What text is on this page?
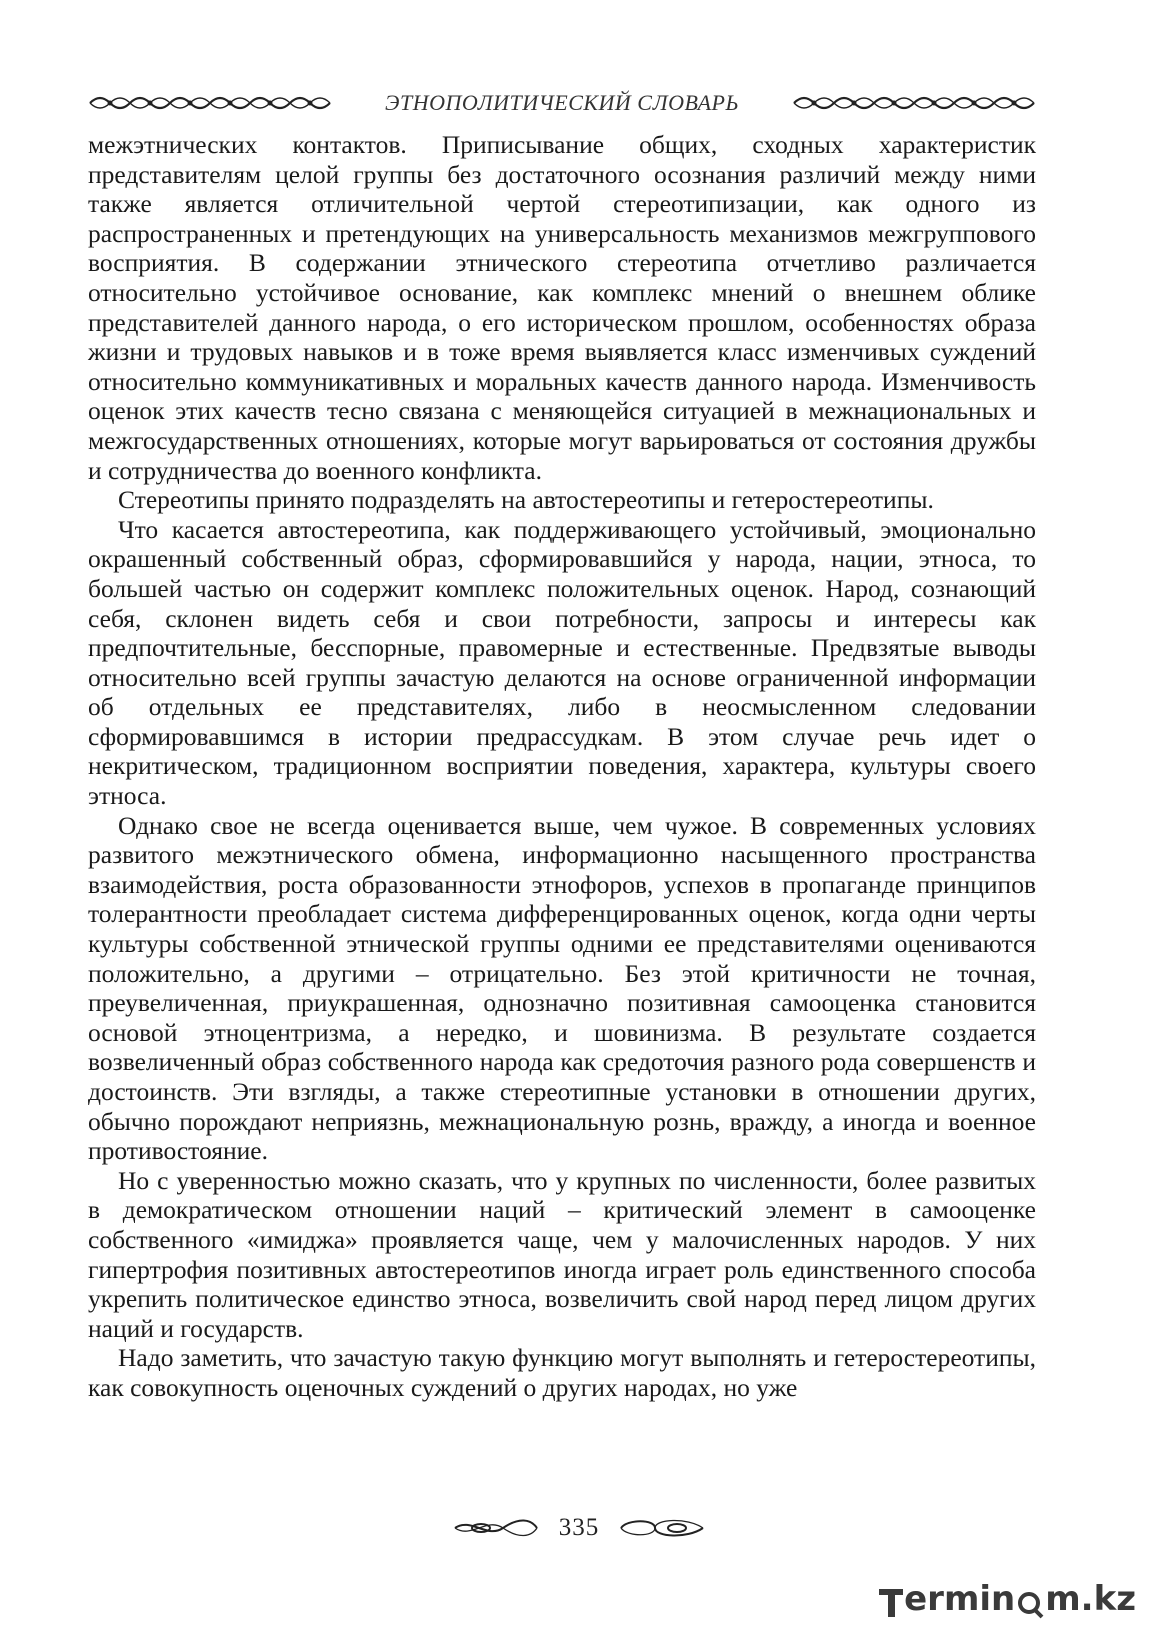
ЭТНОПОЛИТИЧЕСКИЙ СЛОВАРЬ

межэтнических контактов. Приписывание общих, сходных характеристик представителям целой группы без достаточного осознания различий между ними также является отличительной чертой стереотипизации, как одного из распространенных и претендующих на универсальность механизмов межгруппового восприятия. В содержании этнического стереотипа отчетливо различается относительно устойчивое основание, как комплекс мнений о внешнем облике представителей данного народа, о его историческом прошлом, особенностях образа жизни и трудовых навыков и в тоже время выявляется класс изменчивых суждений относительно коммуникативных и моральных качеств данного народа. Изменчивость оценок этих качеств тесно связана с меняющейся ситуацией в межнациональных и межгосударственных отношениях, которые могут варьироваться от состояния дружбы и сотрудничества до военного конфликта.

Стереотипы принято подразделять на автостереотипы и гетеростереотипы.

Что касается автостереотипа, как поддерживающего устойчивый, эмоционально окрашенный собственный образ, сформировавшийся у народа, нации, этноса, то большей частью он содержит комплекс положительных оценок. Народ, сознающий себя, склонен видеть себя и свои потребности, запросы и интересы как предпочтительные, бесспорные, правомерные и естественные. Предвзятые выводы относительно всей группы зачастую делаются на основе ограниченной информации об отдельных ее представителях, либо в неосмысленном следовании сформировавшимся в истории предрассудкам. В этом случае речь идет о некритическом, традиционном восприятии поведения, характера, культуры своего этноса.

Однако свое не всегда оценивается выше, чем чужое. В современных условиях развитого межэтнического обмена, информационно насыщенного пространства взаимодействия, роста образованности этнофоров, успехов в пропаганде принципов толерантности преобладает система дифференцированных оценок, когда одни черты культуры собственной этнической группы одними ее представителями оцениваются положительно, а другими – отрицательно. Без этой критичности не точная, преувеличенная, приукрашенная, однозначно позитивная самооценка становится основой этноцентризма, а нередко, и шовинизма. В результате создается возвеличенный образ собственного народа как средоточия разного рода совершенств и достоинств. Эти взгляды, а также стереотипные установки в отношении других, обычно порождают неприязнь, межнациональную рознь, вражду, а иногда и военное противостояние.

Но с уверенностью можно сказать, что у крупных по численности, более развитых в демократическом отношении наций – критический элемент в самооценке собственного «имиджа» проявляется чаще, чем у малочисленных народов. У них гипертрофия позитивных автостереотипов иногда играет роль единственного способа укрепить политическое единство этноса, возвеличить свой народ перед лицом других наций и государств.

Надо заметить, что зачастую такую функцию могут выполнять и гетеростереотипы, как совокупность оценочных суждений о других народах, но уже

335
ermin m.kz
